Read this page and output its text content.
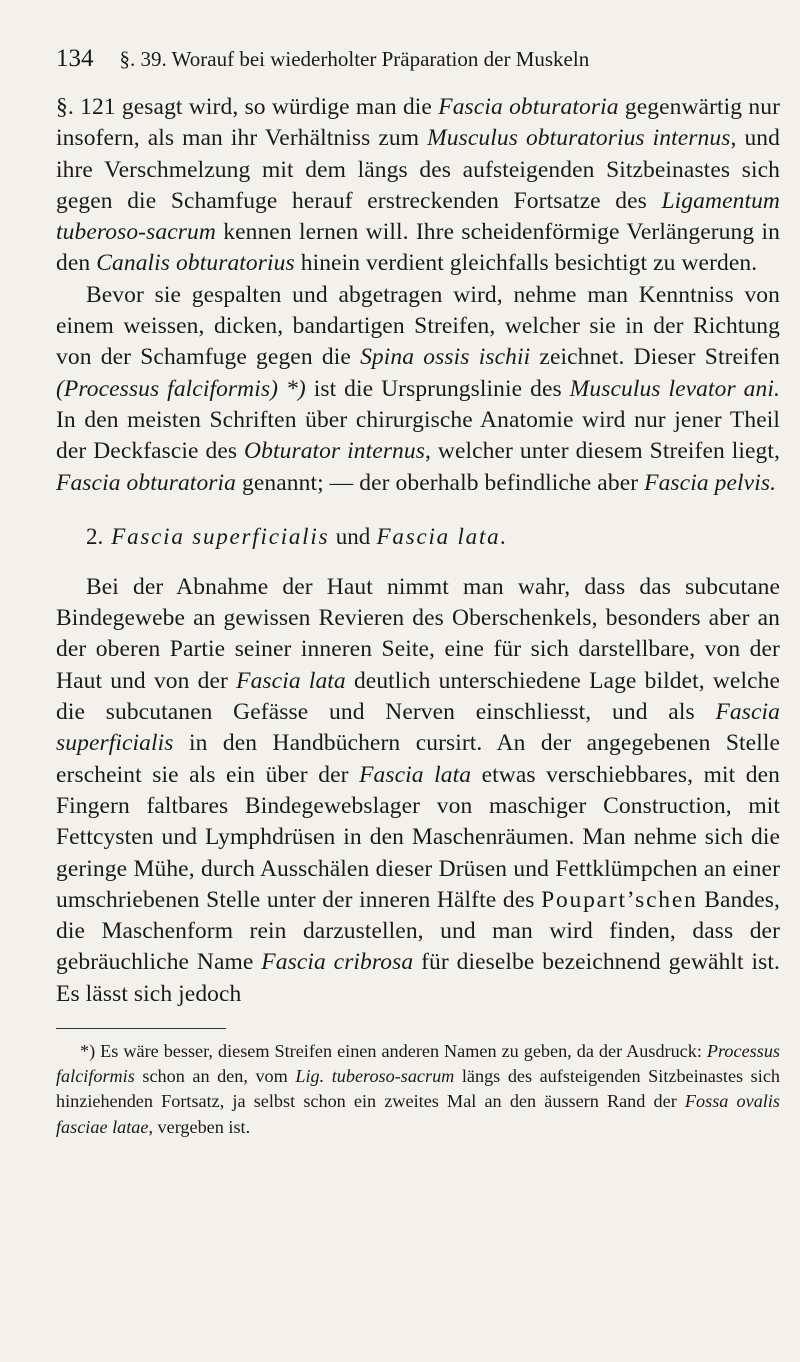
134 §. 39. Worauf bei wiederholter Präparation der Muskeln

§. 121 gesagt wird, so würdige man die Fascia obturatoria gegenwärtig nur insofern, als man ihr Verhältniss zum Musculus obturatorius internus, und ihre Verschmelzung mit dem längs des aufsteigenden Sitzbeinastes sich gegen die Schamfuge herauf erstreckenden Fortsatze des Ligamentum tuberoso-sacrum kennen lernen will. Ihre scheidenförmige Verlängerung in den Canalis obturatorius hinein verdient gleichfalls besichtigt zu werden.

Bevor sie gespalten und abgetragen wird, nehme man Kenntniss von einem weissen, dicken, bandartigen Streifen, welcher sie in der Richtung von der Schamfuge gegen die Spina ossis ischii zeichnet. Dieser Streifen (Processus falciformis) *) ist die Ursprungslinie des Musculus levator ani. In den meisten Schriften über chirurgische Anatomie wird nur jener Theil der Deckfascie des Obturator internus, welcher unter diesem Streifen liegt, Fascia obturatoria genannt; — der oberhalb befindliche aber Fascia pelvis.

2. Fascia superficialis und Fascia lata.

Bei der Abnahme der Haut nimmt man wahr, dass das subcutane Bindegewebe an gewissen Revieren des Oberschenkels, besonders aber an der oberen Partie seiner inneren Seite, eine für sich darstellbare, von der Haut und von der Fascia lata deutlich unterschiedene Lage bildet, welche die subcutanen Gefässe und Nerven einschliesst, und als Fascia superficialis in den Handbüchern cursirt. An der angegebenen Stelle erscheint sie als ein über der Fascia lata etwas verschiebbares, mit den Fingern faltbares Bindegewebslager von maschiger Construction, mit Fettcysten und Lymphdrüsen in den Maschenräumen. Man nehme sich die geringe Mühe, durch Ausschälen dieser Drüsen und Fettklümpchen an einer umschriebenen Stelle unter der inneren Hälfte des Poupart’schen Bandes, die Maschenform rein darzustellen, und man wird finden, dass der gebräuchliche Name Fascia cribrosa für dieselbe bezeichnend gewählt ist. Es lässt sich jedoch

*) Es wäre besser, diesem Streifen einen anderen Namen zu geben, da der Ausdruck: Processus falciformis schon an den, vom Lig. tuberoso-sacrum längs des aufsteigenden Sitzbeinastes sich hinziehenden Fortsatz, ja selbst schon ein zweites Mal an den äussern Rand der Fossa ovalis fasciae latae, vergeben ist.
